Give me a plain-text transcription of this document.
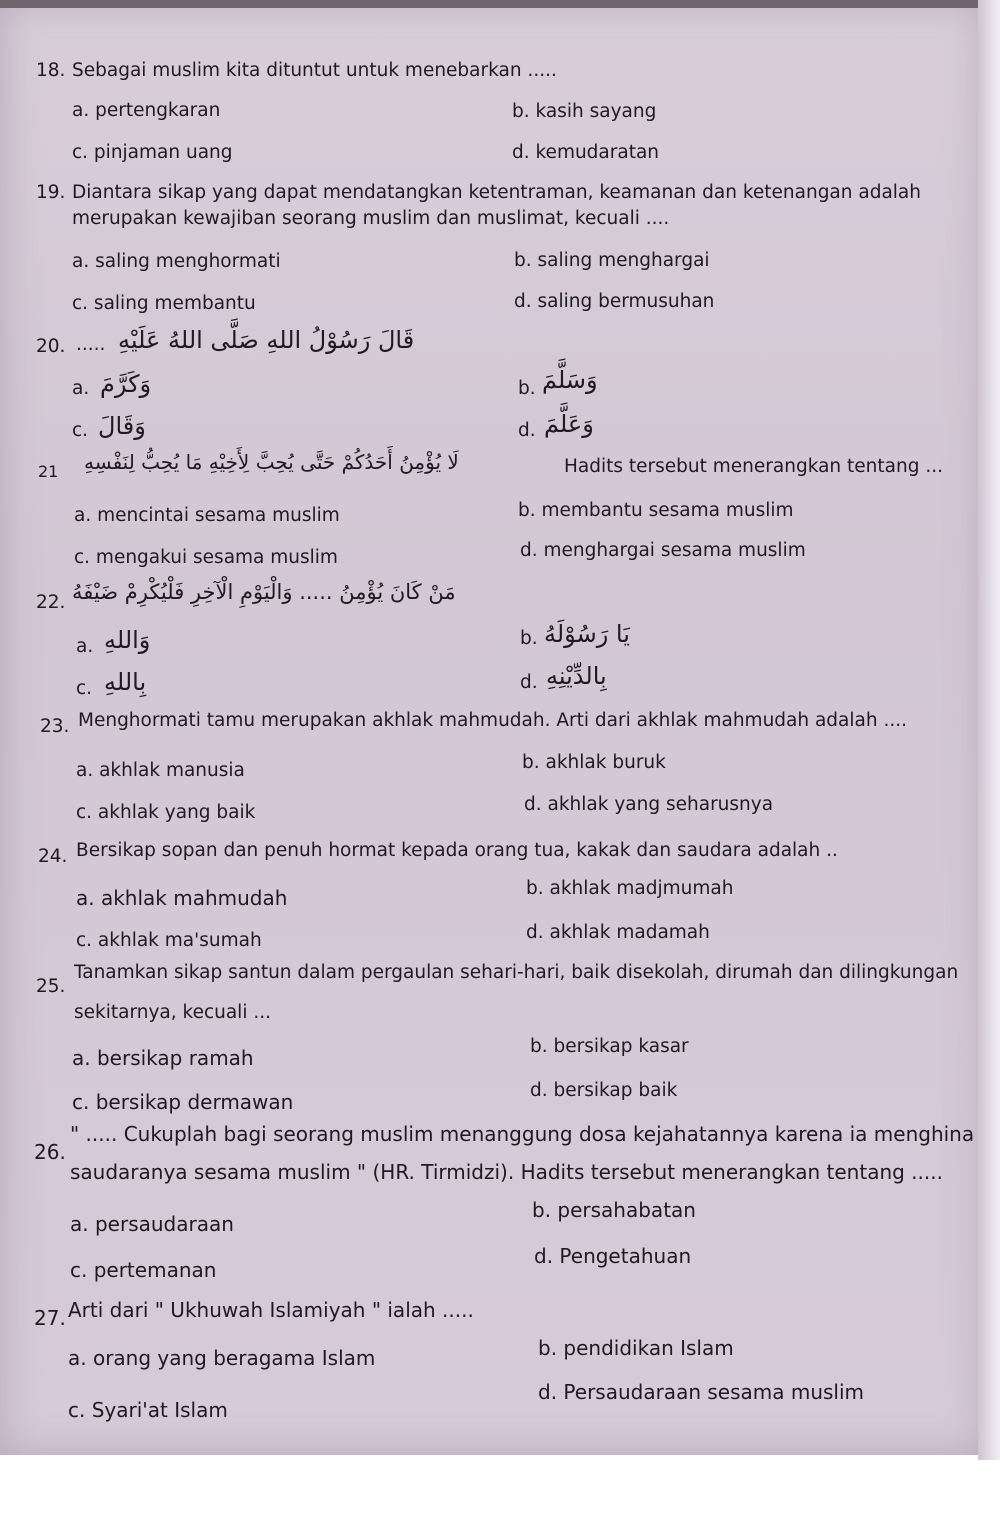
18. Sebagai muslim kita dituntut untuk menebarkan .....
a. pertengkaran	b. kasih sayang
c. pinjaman uang	d. kemudaratan
19. Diantara sikap yang dapat mendatangkan ketentraman, keamanan dan ketenangan adalah
merupakan kewajiban seorang muslim dan muslimat, kecuali ....
a. saling menghormati	b. saling menghargai
c. saling membantu	d. saling bermusuhan
20. ..... قَالَ رَسُوْلُ اللهِ صَلَّى اللهُ عَلَيْهِ
a. وَكَرَّمَ	b. وَسَلَّمَ
c. وَقَالَ	d. وَعَلَّمَ
21 لَا يُؤْمِنُ أَحَدُكُمْ حَتَّى يُحِبَّ لِأَخِيْهِ مَا يُحِبُّ لِنَفْسِهِ	Hadits tersebut menerangkan tentang ...
a. mencintai sesama muslim	b. membantu sesama muslim
c. mengakui sesama muslim	d. menghargai sesama muslim
22. مَنْ كَانَ يُؤْمِنُ ..... وَالْيَوْمِ الْآخِرِ فَلْيُكْرِمْ ضَيْفَهُ
a. وَاللهِ	b. يَا رَسُوْلَهُ
c. بِاللهِ	d. بِالدِّيْنِهِ
23. Menghormati tamu merupakan akhlak mahmudah. Arti dari akhlak mahmudah adalah ....
a. akhlak manusia	b. akhlak buruk
c. akhlak yang baik	d. akhlak yang seharusnya
24. Bersikap sopan dan penuh hormat kepada orang tua, kakak dan saudara adalah ..
a. akhlak mahmudah	b. akhlak madjmumah
c. akhlak ma'sumah	d. akhlak madamah
25.
Tanamkan sikap santun dalam pergaulan sehari-hari, baik disekolah, dirumah dan dilingkungan
sekitarnya, kecuali ...
a. bersikap ramah	b. bersikap kasar
c. bersikap dermawan	d. bersikap baik
26.
" ..... Cukuplah bagi seorang muslim menanggung dosa kejahatannya karena ia menghina
saudaranya sesama muslim " (HR. Tirmidzi). Hadits tersebut menerangkan tentang .....
a. persaudaraan
b. persahabatan
c. pertemanan
d. Pengetahuan
27. Arti dari " Ukhuwah Islamiyah " ialah .....
a. orang yang beragama Islam	b. pendidikan Islam
c. Syari'at Islam
d. Persaudaraan sesama muslim
